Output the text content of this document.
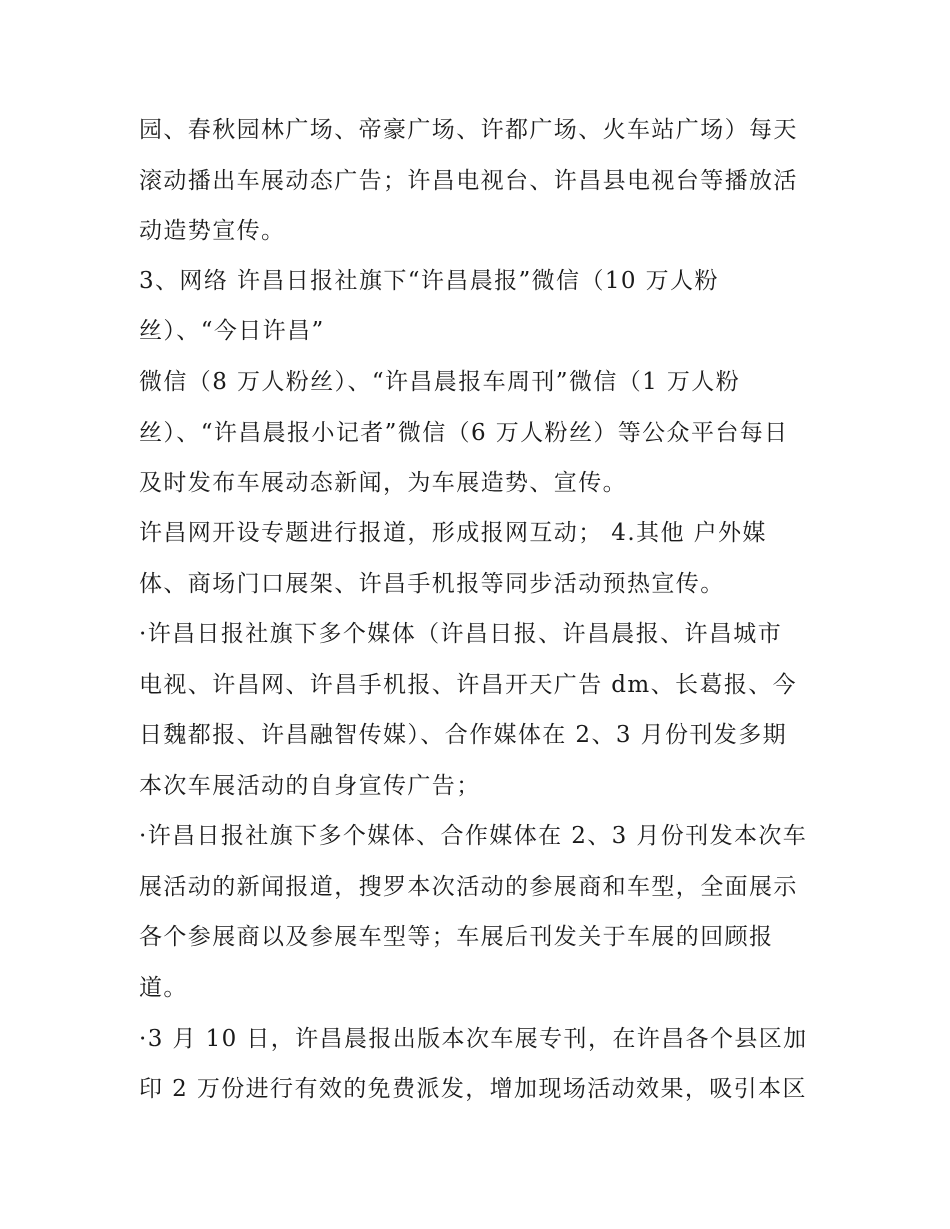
园、春秋园林广场、帝豪广场、许都广场、火车站广场）每天
滚动播出车展动态广告；许昌电视台、许昌县电视台等播放活
动造势宣传。
3、网络 许昌日报社旗下“许昌晨报”微信（10 万人粉
丝）、“今日许昌”
微信（8 万人粉丝）、“许昌晨报车周刊”微信（1 万人粉
丝）、“许昌晨报小记者”微信（6 万人粉丝）等公众平台每日
及时发布车展动态新闻，为车展造势、宣传。
许昌网开设专题进行报道，形成报网互动； 4.其他 户外媒
体、商场门口展架、许昌手机报等同步活动预热宣传。
·许昌日报社旗下多个媒体（许昌日报、许昌晨报、许昌城市
电视、许昌网、许昌手机报、许昌开天广告 dm、长葛报、今
日魏都报、许昌融智传媒）、合作媒体在 2、3 月份刊发多期
本次车展活动的自身宣传广告；
·许昌日报社旗下多个媒体、合作媒体在 2、3 月份刊发本次车
展活动的新闻报道，搜罗本次活动的参展商和车型，全面展示
各个参展商以及参展车型等；车展后刊发关于车展的回顾报
道。
·3 月 10 日，许昌晨报出版本次车展专刊，在许昌各个县区加
印 2 万份进行有效的免费派发，增加现场活动效果，吸引本区
